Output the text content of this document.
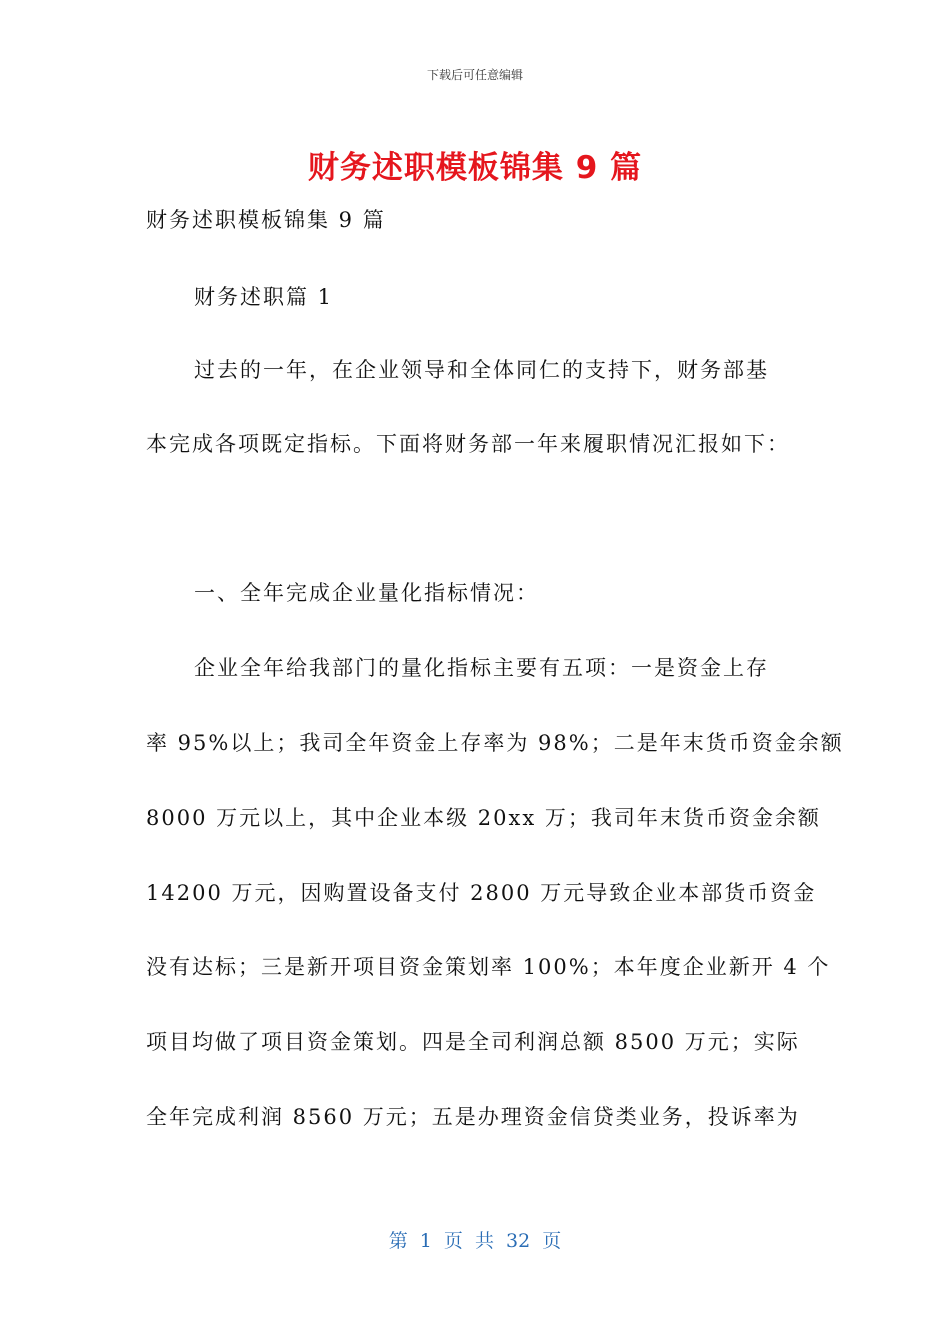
下载后可任意编辑
财务述职模板锦集 9 篇
财务述职模板锦集 9 篇
财务述职篇 1
过去的一年，在企业领导和全体同仁的支持下，财务部基
本完成各项既定指标。下面将财务部一年来履职情况汇报如下：
一、全年完成企业量化指标情况：
企业全年给我部门的量化指标主要有五项：一是资金上存
率 95%以上；我司全年资金上存率为 98%；二是年末货币资金余额
8000 万元以上，其中企业本级 20xx 万；我司年末货币资金余额
14200 万元，因购置设备支付 2800 万元导致企业本部货币资金
没有达标；三是新开项目资金策划率 100%；本年度企业新开 4 个
项目均做了项目资金策划。四是全司利润总额 8500 万元；实际
全年完成利润 8560 万元；五是办理资金信贷类业务，投诉率为
第 1 页 共 32 页
